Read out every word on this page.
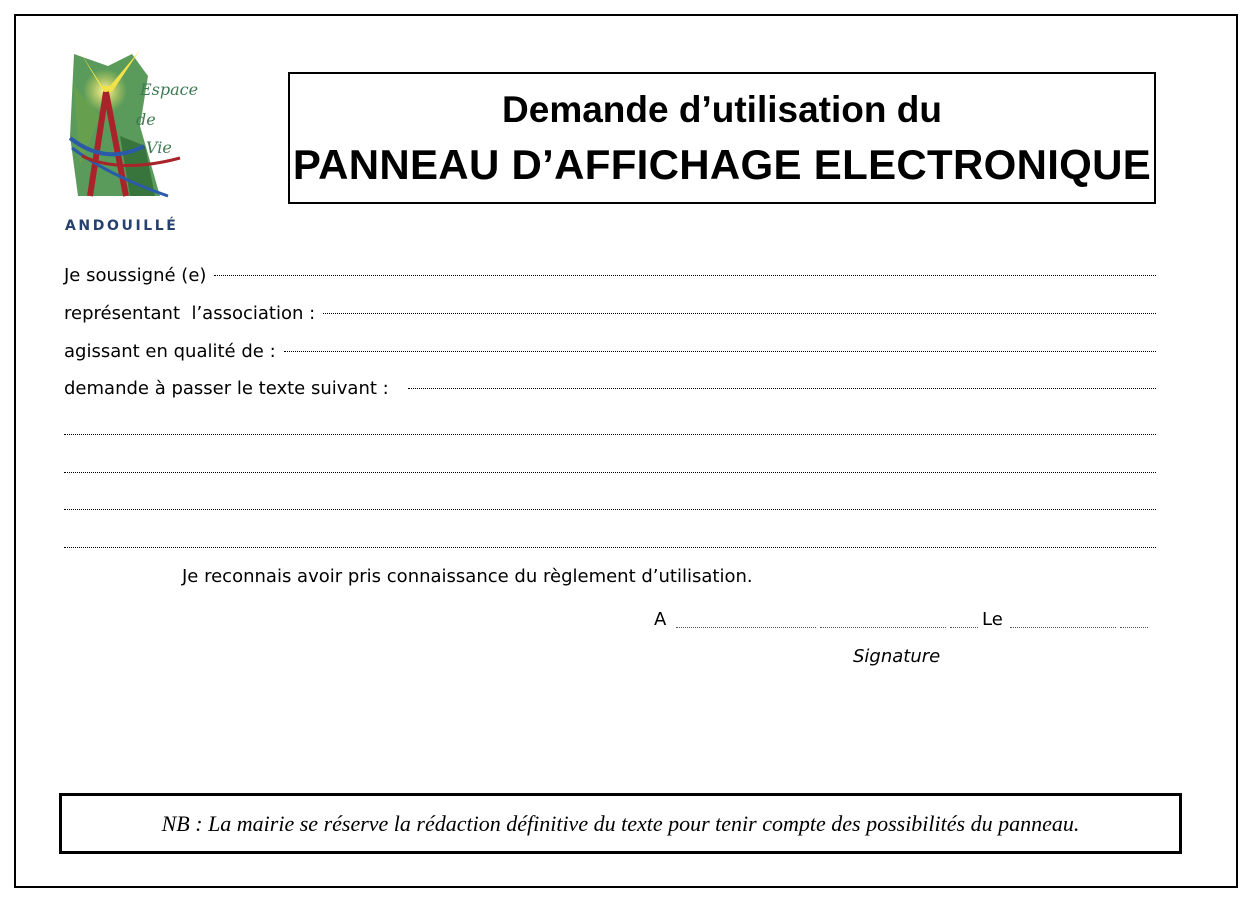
Espace
de
Vie
ANDOUILLÉ
Demande d’utilisation du
PANNEAU D’AFFICHAGE ELECTRONIQUE
Je soussigné (e)
représentant  l’association :
agissant en qualité de :
demande à passer le texte suivant :
Je reconnais avoir pris connaissance du règlement d’utilisation.
A	Le
Signature
NB : La mairie se réserve la rédaction définitive du texte pour tenir compte des possibilités du panneau.
